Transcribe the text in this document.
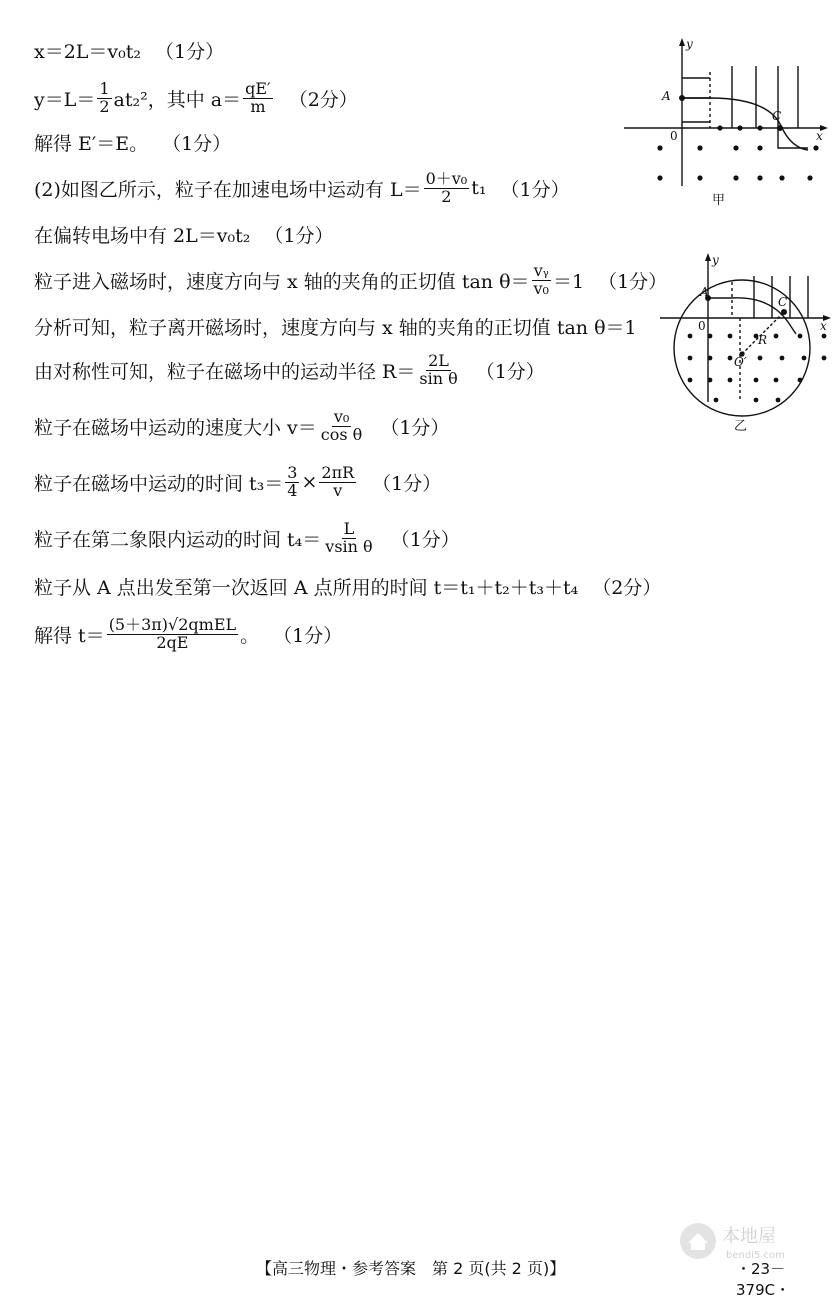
x＝2L＝v₀t₂ （1分）
$y=L= \frac{1}{2} at_2^2$，其中 $a= \frac{qE'}{m} (2$分）
解得 E′＝E。 （1分）
(2)如图乙所示，粒子在加速电场中运动有 $L= \frac{\text{0＋v₀}}{2} t_1$ （1分）
在偏转电场中有 2L＝v₀t₂ （1分）
粒子进入磁场时，速度方向与 x 轴的夹角的正切值 $\tan \theta= \frac{\text{vᵧ}}{\text{v₀}} =1$ （1分）
分析可知，粒子离开磁场时，速度方向与 x 轴的夹角的正切值 tan θ＝1
由对称性可知，粒子在磁场中的运动半径 $R= \frac{2L}{\text{sin θ}} (1$分）
粒子在磁场中运动的速度大小 $v= \frac{\text{v₀}}{\text{cos θ}} (1$分）
粒子在磁场中运动的时间 $t_3= \frac{3}{4} \times \frac{2\pi R}{v} (1$分）
粒子在第二象限内运动的时间 $t_4= \frac{L}{\text{vsin θ}} (1$分）
粒子从 A 点出发至第一次返回 A 点所用的时间 t＝t₁＋t₂＋t₃＋t₄ （2分）
解得 $t= \frac{\text{(5＋3π)√2qmEL}}{2qE}$ 。 （1分）
y
x
A
C
0
甲
y
x
A
C
0
O′
R
乙
【高三物理・参考答案　第 2 页(共 2 页)】	・23－379C・
本地屋
bendi5.com
